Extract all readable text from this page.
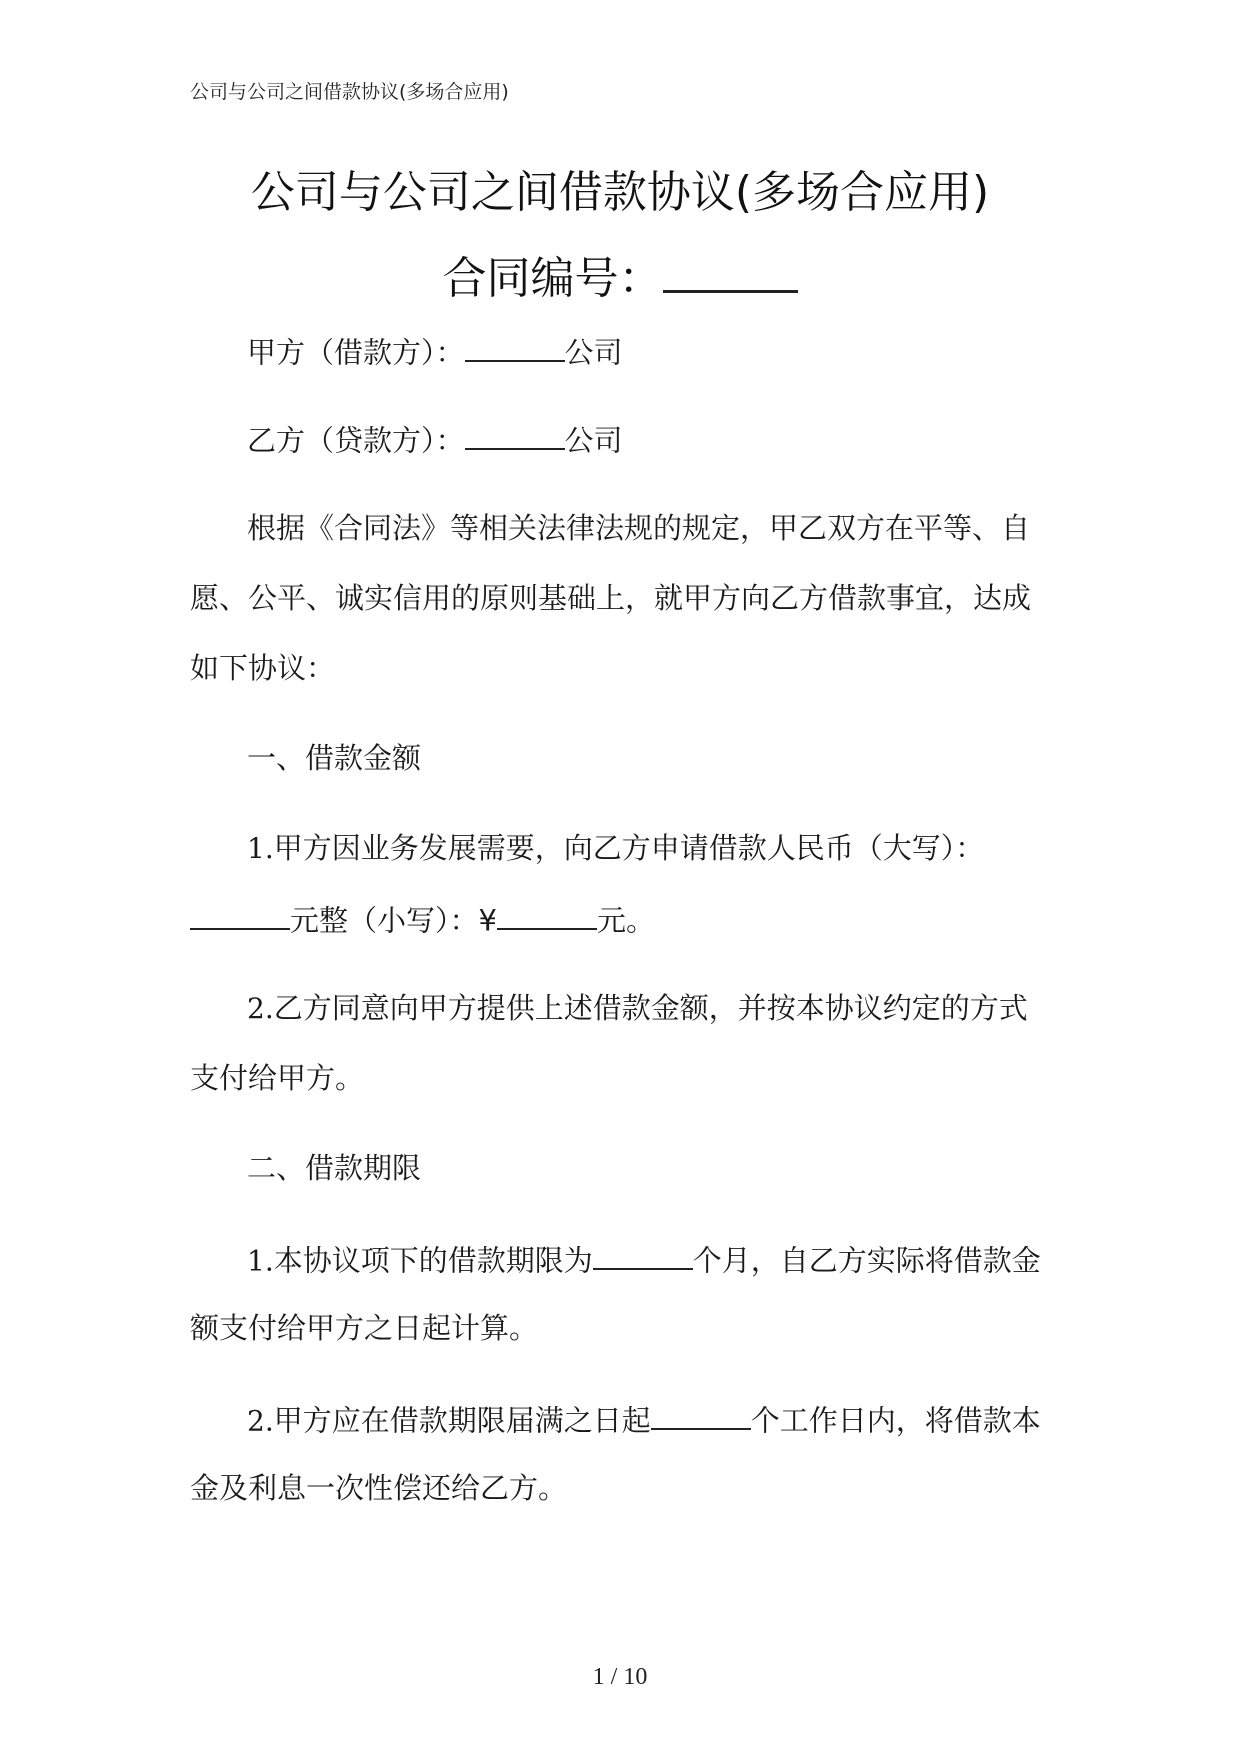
公司与公司之间借款协议(多场合应用)
公司与公司之间借款协议(多场合应用)
合同编号：
甲方（借款方）：	公司
乙方（贷款方）：	公司
根据《合同法》等相关法律法规的规定，甲乙双方在平等、自
愿、公平、诚实信用的原则基础上，就甲方向乙方借款事宜，达成
如下协议：
一、借款金额
1.甲方因业务发展需要，向乙方申请借款人民币（大写）：
元整（小写）：¥	元。
2.乙方同意向甲方提供上述借款金额，并按本协议约定的方式
支付给甲方。
二、借款期限
1.本协议项下的借款期限为	个月，自乙方实际将借款金
额支付给甲方之日起计算。
2.甲方应在借款期限届满之日起	个工作日内，将借款本
金及利息一次性偿还给乙方。
1 / 10
